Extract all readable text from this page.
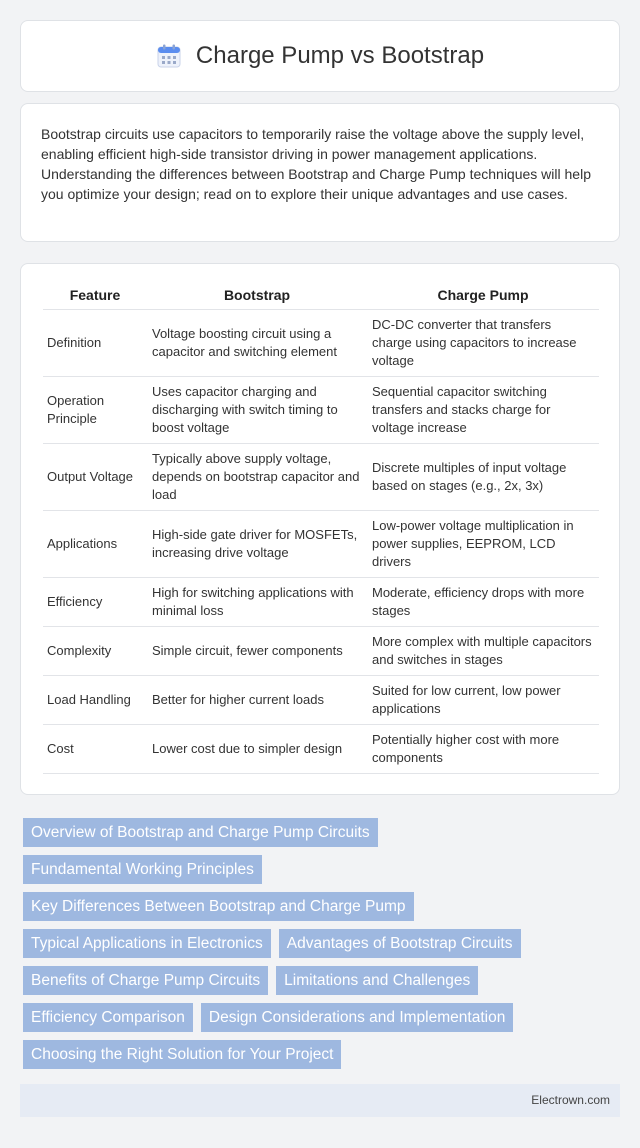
Charge Pump vs Bootstrap

Bootstrap circuits use capacitors to temporarily raise the voltage above the supply level, enabling efficient high-side transistor driving in power management applications. Understanding the differences between Bootstrap and Charge Pump techniques will help you optimize your design; read on to explore their unique advantages and use cases.

Feature	Bootstrap	Charge Pump
Definition	Voltage boosting circuit using a capacitor and switching element	DC-DC converter that transfers charge using capacitors to increase voltage
Operation Principle	Uses capacitor charging and discharging with switch timing to boost voltage	Sequential capacitor switching transfers and stacks charge for voltage increase
Output Voltage	Typically above supply voltage, depends on bootstrap capacitor and load	Discrete multiples of input voltage based on stages (e.g., 2x, 3x)
Applications	High-side gate driver for MOSFETs, increasing drive voltage	Low-power voltage multiplication in power supplies, EEPROM, LCD drivers
Efficiency	High for switching applications with minimal loss	Moderate, efficiency drops with more stages
Complexity	Simple circuit, fewer components	More complex with multiple capacitors and switches in stages
Load Handling	Better for higher current loads	Suited for low current, low power applications
Cost	Lower cost due to simpler design	Potentially higher cost with more components
Overview of Bootstrap and Charge Pump Circuits
Fundamental Working Principles
Key Differences Between Bootstrap and Charge Pump
Typical Applications in Electronics	Advantages of Bootstrap Circuits
Benefits of Charge Pump Circuits	Limitations and Challenges
Efficiency Comparison	Design Considerations and Implementation
Choosing the Right Solution for Your Project
Electrown.com
